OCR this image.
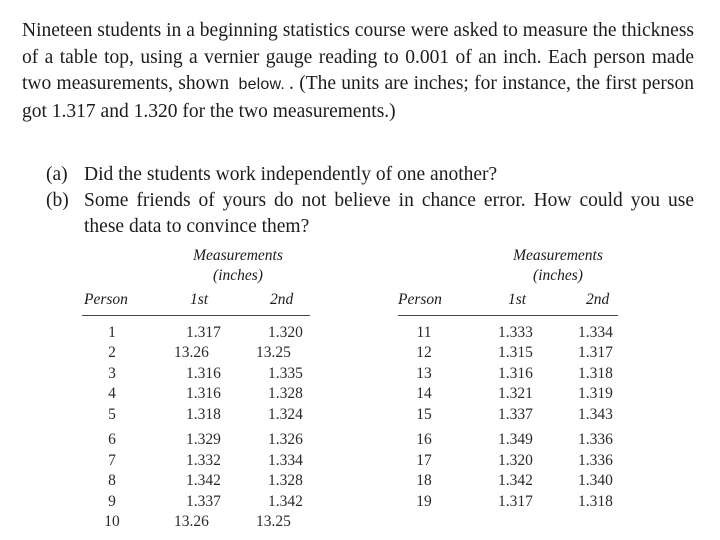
Nineteen students in a beginning statistics course were asked to measure the thickness of a table top, using a vernier gauge reading to 0.001 of an inch. Each person made two measurements, shown below. . (The units are inches; for instance, the first person got 1.317 and 1.320 for the two measurements.)

(a) Did the students work independently of one another?

(b) Some friends of yours do not believe in chance error. How could you use these data to convince them?

Measurements
(inches)
Person	1st	2nd
1	1.317	1.320
2	13.26	13.25
3	1.316	1.335
4	1.316	1.328
5	1.318	1.324
6	1.329	1.326
7	1.332	1.334
8	1.342	1.328
9	1.337	1.342
10	13.26	13.25
Measurements
(inches)
Person	1st	2nd
11	1.333	1.334
12	1.315	1.317
13	1.316	1.318
14	1.321	1.319
15	1.337	1.343
16	1.349	1.336
17	1.320	1.336
18	1.342	1.340
19	1.317	1.318
